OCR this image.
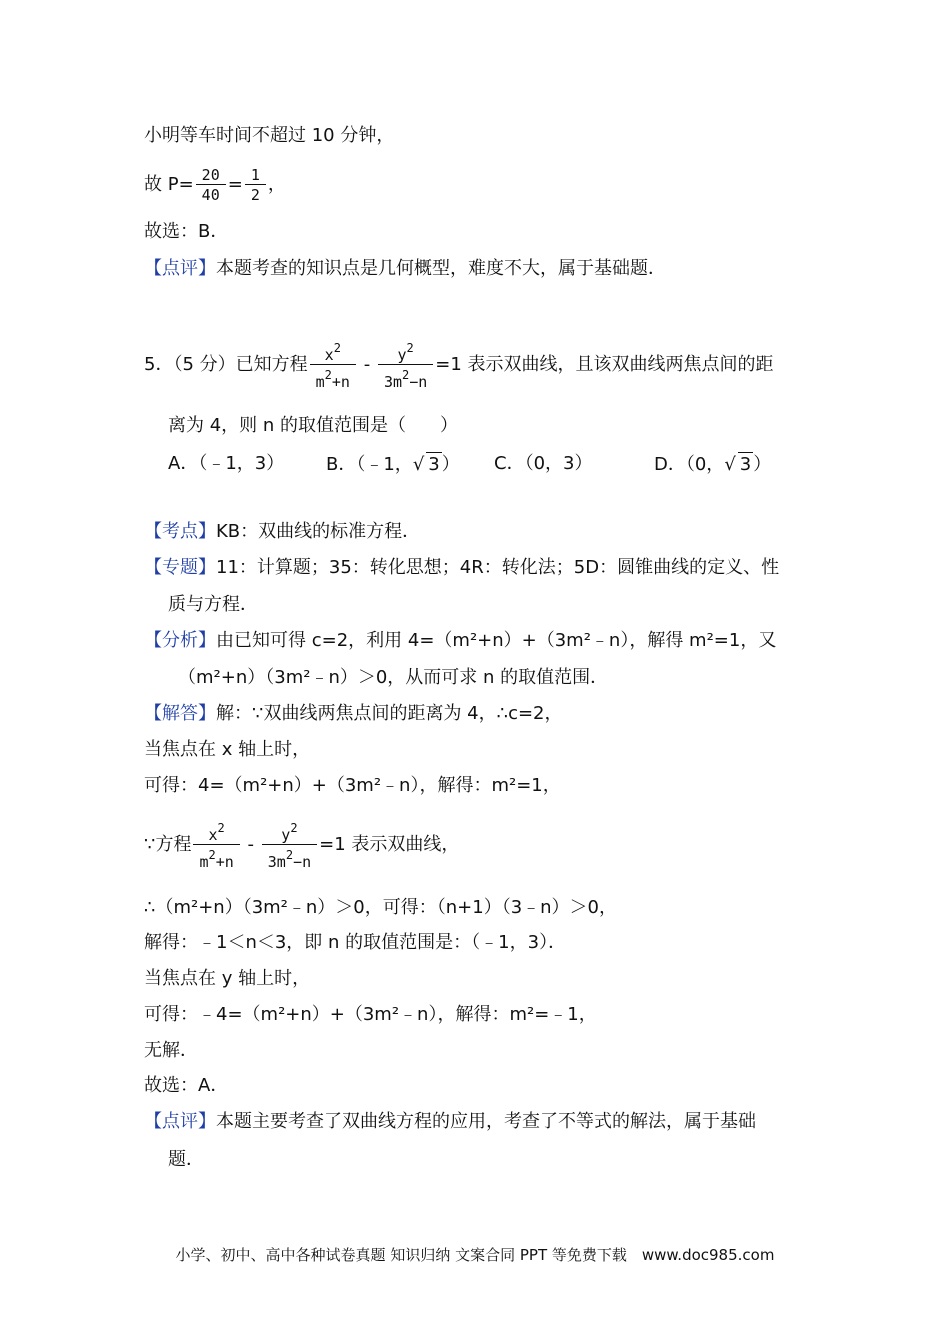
小明等车时间不超过 10 分钟，
故 $P= \frac{20}{40} = \frac{1}{2}$ ，
故选：B．
【点评】本题考查的知识点是几何概型，难度不大，属于基础题．
5．（5 分）已知方程 $\frac{x^2}{m^2+n} - \frac{y^2}{3m^2-n} =1$ 表示双曲线，且该双曲线两焦点间的距
离为 4，则 n 的取值范围是（ ）
A．（﹣1，3） B．（﹣1，√ 3 ） C．（0，3）	D．（0，√ 3 ）
【考点】KB：双曲线的标准方程．
【专题】11：计算题；35：转化思想；4R：转化法；5D：圆锥曲线的定义、性
质与方程．
【分析】由已知可得 c=2，利用 4=（m²+n）+（3m²﹣n），解得 m²=1，又
（m²+n）（3m²﹣n）＞0，从而可求 n 的取值范围．
【解答】解：∵双曲线两焦点间的距离为 4，∴c=2，
当焦点在 x 轴上时，
可得：4=（m²+n）+（3m²﹣n），解得：m²=1，
∵方程 $\frac{x^2}{m^2+n} - \frac{y^2}{3m^2-n} =1$ 表示双曲线，
∴（m²+n）（3m²﹣n）＞0，可得：（n+1）（3﹣n）＞0，
解得：﹣1＜n＜3，即 n 的取值范围是：（﹣1，3）．
当焦点在 y 轴上时，
可得：﹣4=（m²+n）+（3m²﹣n），解得：m²=﹣1，
无解．
故选：A．
【点评】本题主要考查了双曲线方程的应用，考查了不等式的解法，属于基础
题．
小学、初中、高中各种试卷真题 知识归纳 文案合同 PPT 等免费下载　www.doc985.com
